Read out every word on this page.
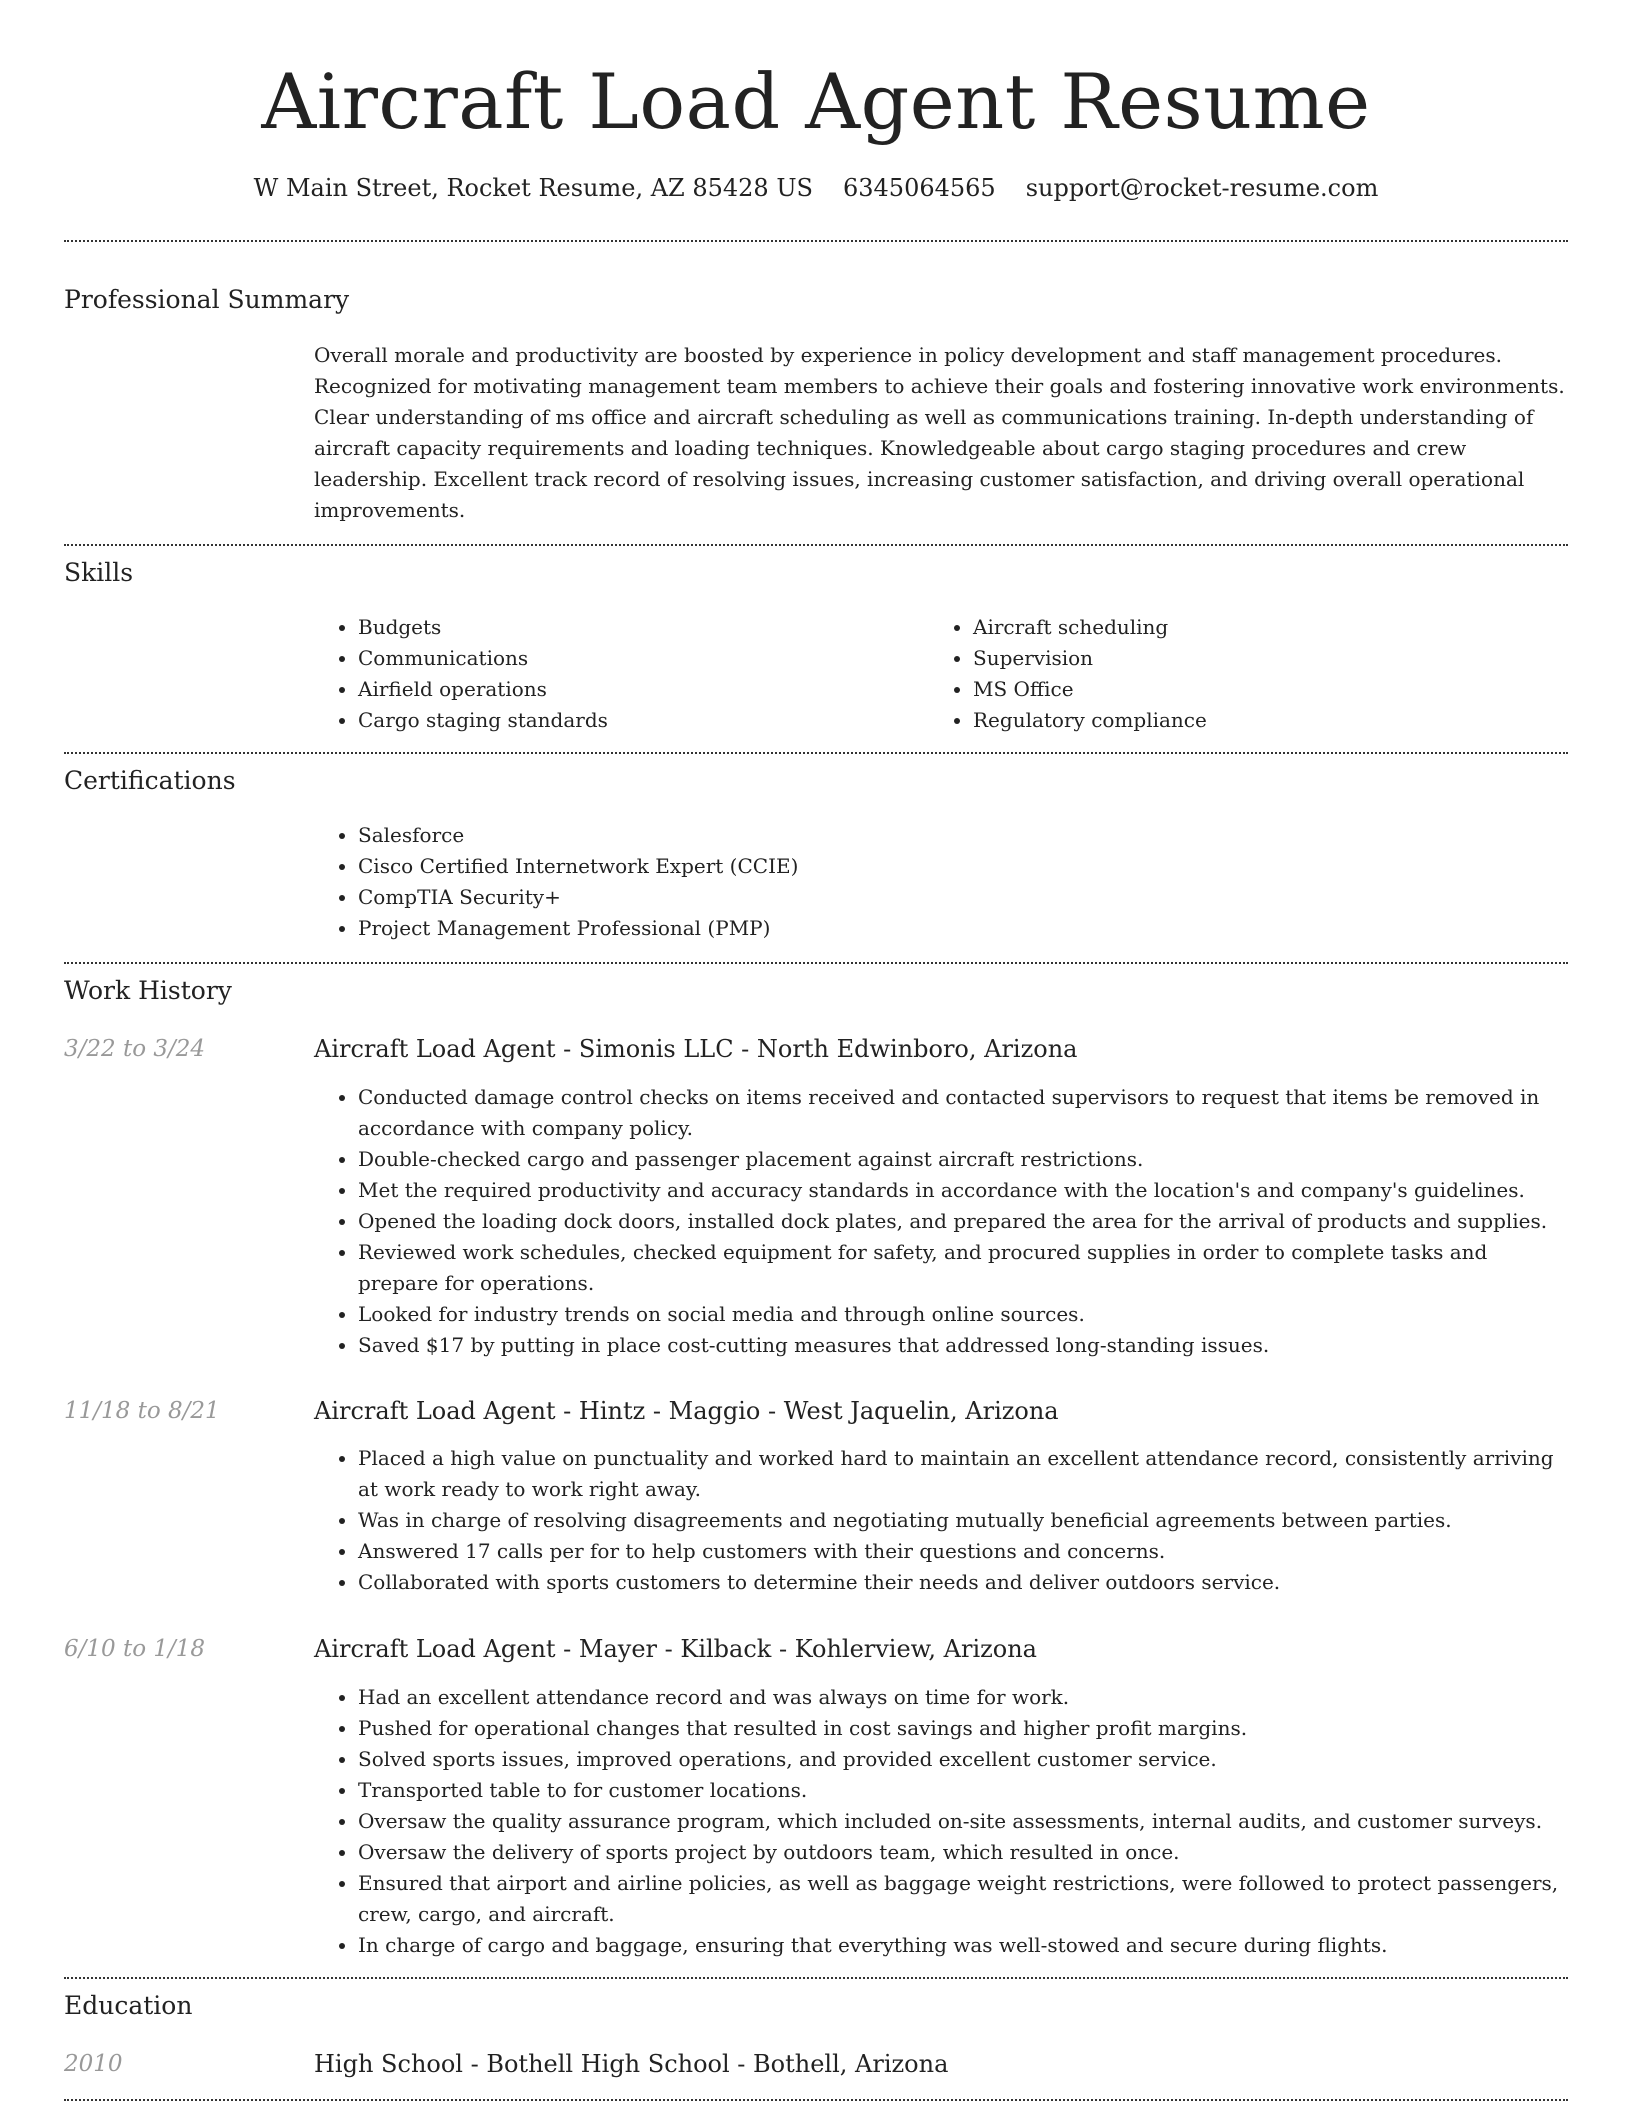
Aircraft Load Agent Resume
W Main Street, Rocket Resume, AZ 85428 US 6345064565 support@rocket-resume.com
Professional Summary
Overall morale and productivity are boosted by experience in policy development and staff management procedures. Recognized for motivating management team members to achieve their goals and fostering innovative work environments. Clear understanding of ms office and aircraft scheduling as well as communications training. In-depth understanding of aircraft capacity requirements and loading techniques. Knowledgeable about cargo staging procedures and crew leadership. Excellent track record of resolving issues, increasing customer satisfaction, and driving overall operational improvements.
Skills
• Budgets
• Communications
• Airfield operations
• Cargo staging standards
• Aircraft scheduling
• Supervision
• MS Office
• Regulatory compliance
Certifications
• Salesforce
• Cisco Certified Internetwork Expert (CCIE)
• CompTIA Security+
• Project Management Professional (PMP)
Work History
3/22 to 3/24	Aircraft Load Agent - Simonis LLC - North Edwinboro, Arizona
• Conducted damage control checks on items received and contacted supervisors to request that items be removed in accordance with company policy.
• Double-checked cargo and passenger placement against aircraft restrictions.
• Met the required productivity and accuracy standards in accordance with the location's and company's guidelines.
• Opened the loading dock doors, installed dock plates, and prepared the area for the arrival of products and supplies.
• Reviewed work schedules, checked equipment for safety, and procured supplies in order to complete tasks and prepare for operations.
• Looked for industry trends on social media and through online sources.
• Saved $17 by putting in place cost-cutting measures that addressed long-standing issues.
11/18 to 8/21	Aircraft Load Agent - Hintz - Maggio - West Jaquelin, Arizona
• Placed a high value on punctuality and worked hard to maintain an excellent attendance record, consistently arriving at work ready to work right away.
• Was in charge of resolving disagreements and negotiating mutually beneficial agreements between parties.
• Answered 17 calls per for to help customers with their questions and concerns.
• Collaborated with sports customers to determine their needs and deliver outdoors service.
6/10 to 1/18	Aircraft Load Agent - Mayer - Kilback - Kohlerview, Arizona
• Had an excellent attendance record and was always on time for work.
• Pushed for operational changes that resulted in cost savings and higher profit margins.
• Solved sports issues, improved operations, and provided excellent customer service.
• Transported table to for customer locations.
• Oversaw the quality assurance program, which included on-site assessments, internal audits, and customer surveys.
• Oversaw the delivery of sports project by outdoors team, which resulted in once.
• Ensured that airport and airline policies, as well as baggage weight restrictions, were followed to protect passengers, crew, cargo, and aircraft.
• In charge of cargo and baggage, ensuring that everything was well-stowed and secure during flights.
Education
2010	High School - Bothell High School - Bothell, Arizona
